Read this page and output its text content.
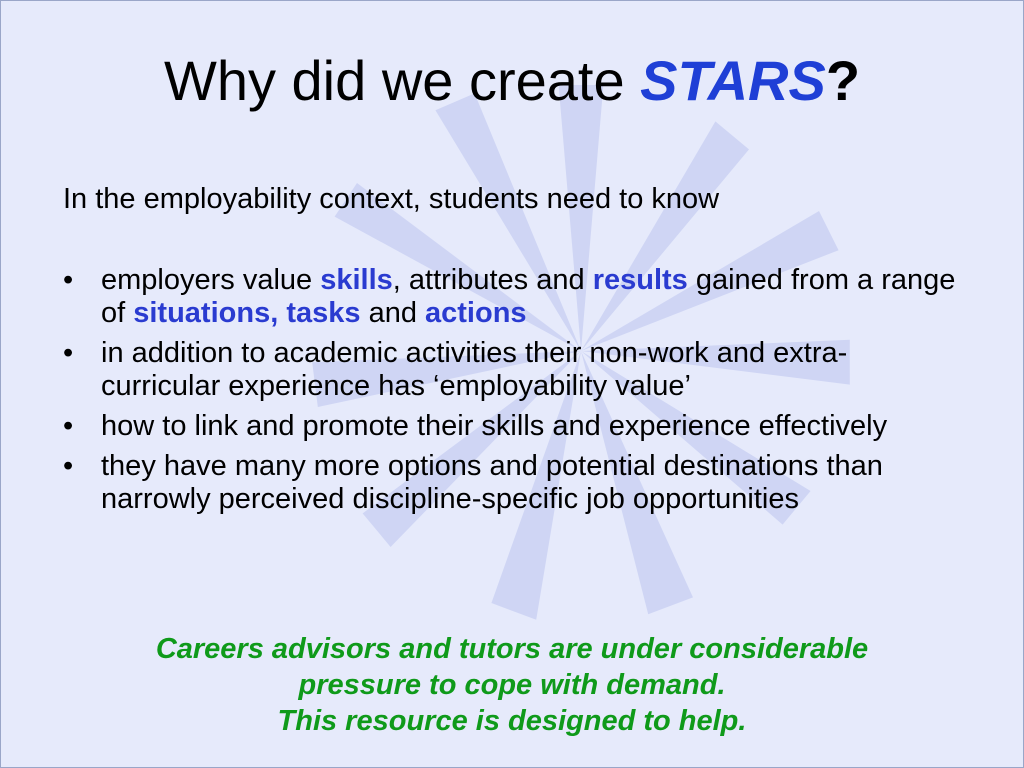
Why did we create STARS?
In the employability context, students need to know
• employers value skills, attributes and results gained from a range of situations, tasks and actions
• in addition to academic activities their non-work and extra-curricular experience has ‘employability value’
• how to link and promote their skills and experience effectively
• they have many more options and potential destinations than narrowly perceived discipline-specific job opportunities
Careers advisors and tutors are under considerable
pressure to cope with demand.
This resource is designed to help.
